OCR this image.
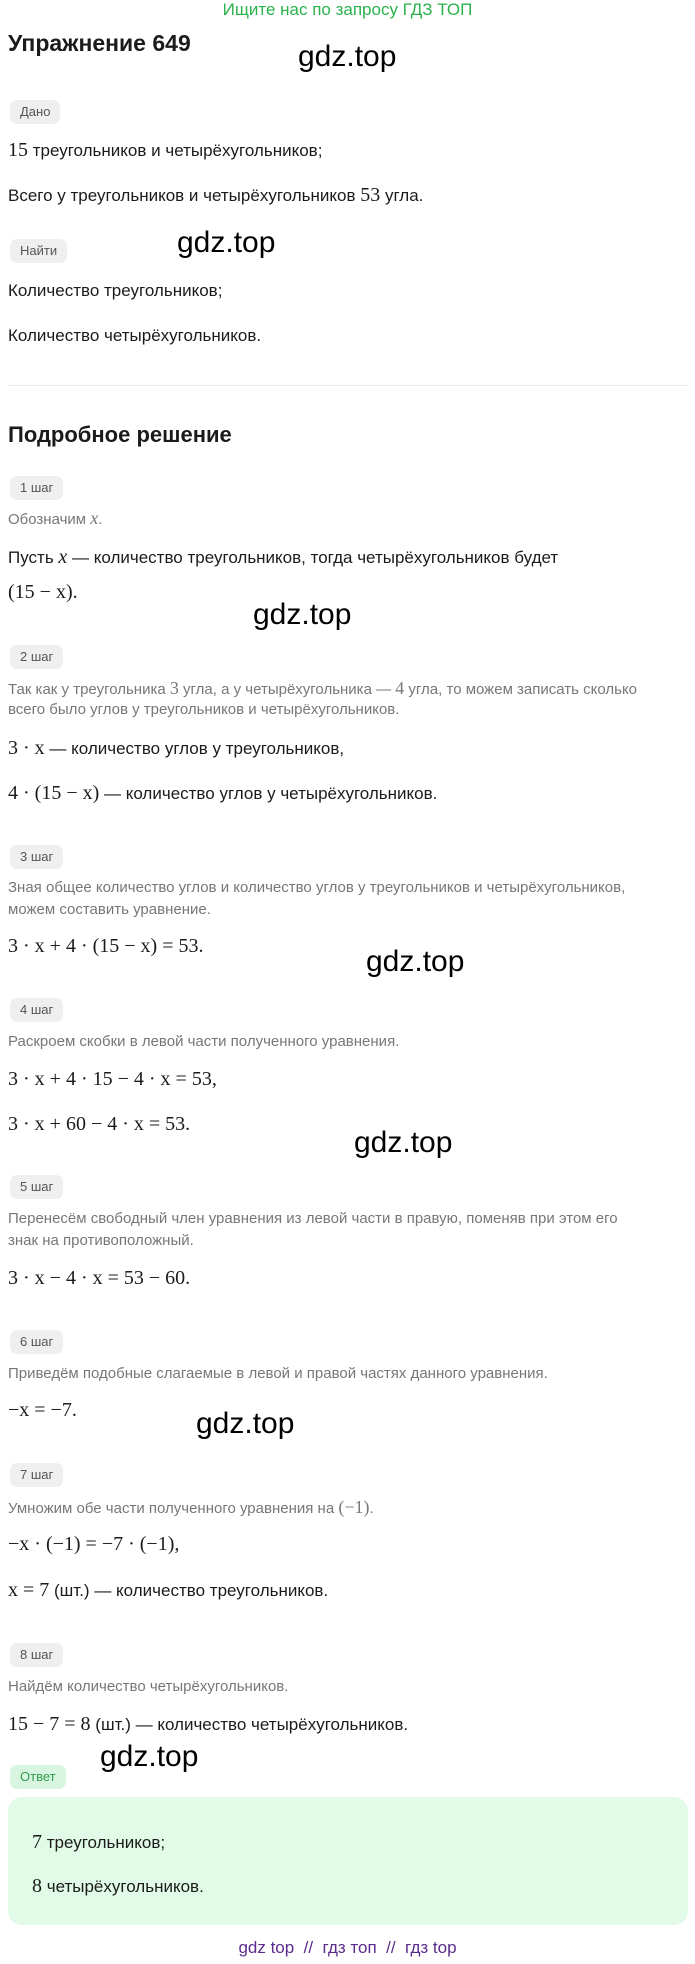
Ищите нас по запросу ГДЗ ТОП
Упражнение 649	gdz.top
gdz.top
gdz.top
gdz.top
gdz.top
gdz.top
gdz.top
Дано
15 треугольников и четырёхугольников;
Всего у треугольников и четырёхугольников 53 угла.
Найти
Количество треугольников;
Количество четырёхугольников.
Подробное решение
1 шаг
Обозначим x.
Пусть x — количество треугольников, тогда четырёхугольников будет
(15 − x).
2 шаг
Так как у треугольника 3 угла, а у четырёхугольника — 4 угла, то можем записать сколько
всего было углов у треугольников и четырёхугольников.
3 · x — количество углов у треугольников,
4 · (15 − x) — количество углов у четырёхугольников.
3 шаг
Зная общее количество углов и количество углов у треугольников и четырёхугольников,
можем составить уравнение.
3 · x + 4 · (15 − x) = 53.
4 шаг
Раскроем скобки в левой части полученного уравнения.
3 · x + 4 · 15 − 4 · x = 53,
3 · x + 60 − 4 · x = 53.
5 шаг
Перенесём свободный член уравнения из левой части в правую, поменяв при этом его
знак на противоположный.
3 · x − 4 · x = 53 − 60.
6 шаг
Приведём подобные слагаемые в левой и правой частях данного уравнения.
−x = −7.
7 шаг
Умножим обе части полученного уравнения на (−1).
−x · (−1) = −7 · (−1),
x = 7 (шт.) — количество треугольников.
8 шаг
Найдём количество четырёхугольников.
15 − 7 = 8 (шт.) — количество четырёхугольников.
Ответ
7 треугольников;
8 четырёхугольников.
gdz top  //  гдз топ  //  гдз top
